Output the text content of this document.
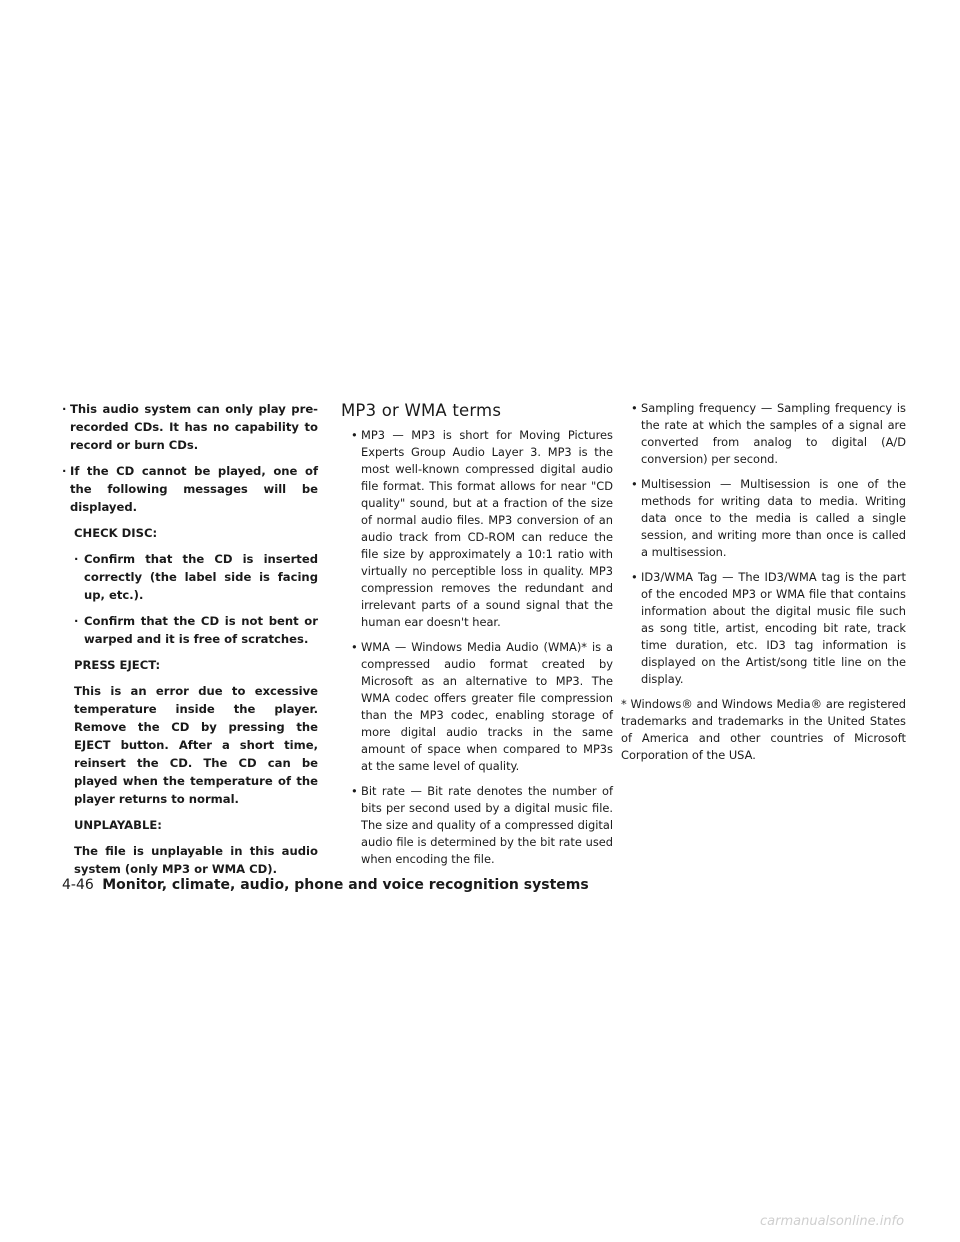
· This audio system can only play pre-recorded CDs. It has no capability to record or burn CDs.
· If the CD cannot be played, one of the following messages will be displayed.
CHECK DISC:
· Confirm that the CD is inserted correctly (the label side is facing up, etc.).
· Confirm that the CD is not bent or warped and it is free of scratches.
PRESS EJECT:
This is an error due to excessive temperature inside the player. Remove the CD by pressing the EJECT button. After a short time, reinsert the CD. The CD can be played when the temperature of the player returns to normal.
UNPLAYABLE:
The file is unplayable in this audio system (only MP3 or WMA CD).
MP3 or WMA terms
• MP3 — MP3 is short for Moving Pictures Experts Group Audio Layer 3. MP3 is the most well-known compressed digital audio file format. This format allows for near "CD quality" sound, but at a fraction of the size of normal audio files. MP3 conversion of an audio track from CD-ROM can reduce the file size by approximately a 10:1 ratio with virtually no perceptible loss in quality. MP3 compression removes the redundant and irrelevant parts of a sound signal that the human ear doesn't hear.
• WMA — Windows Media Audio (WMA)* is a compressed audio format created by Microsoft as an alternative to MP3. The WMA codec offers greater file compression than the MP3 codec, enabling storage of more digital audio tracks in the same amount of space when compared to MP3s at the same level of quality.
• Bit rate — Bit rate denotes the number of bits per second used by a digital music file. The size and quality of a compressed digital audio file is determined by the bit rate used when encoding the file.
• Sampling frequency — Sampling frequency is the rate at which the samples of a signal are converted from analog to digital (A/D conversion) per second.
• Multisession — Multisession is one of the methods for writing data to media. Writing data once to the media is called a single session, and writing more than once is called a multisession.
• ID3/WMA Tag — The ID3/WMA tag is the part of the encoded MP3 or WMA file that contains information about the digital music file such as song title, artist, encoding bit rate, track time duration, etc. ID3 tag information is displayed on the Artist/song title line on the display.

* Windows® and Windows Media® are registered trademarks and trademarks in the United States of America and other countries of Microsoft Corporation of the USA.

4-46 Monitor, climate, audio, phone and voice recognition systems
carmanualsonline.info
